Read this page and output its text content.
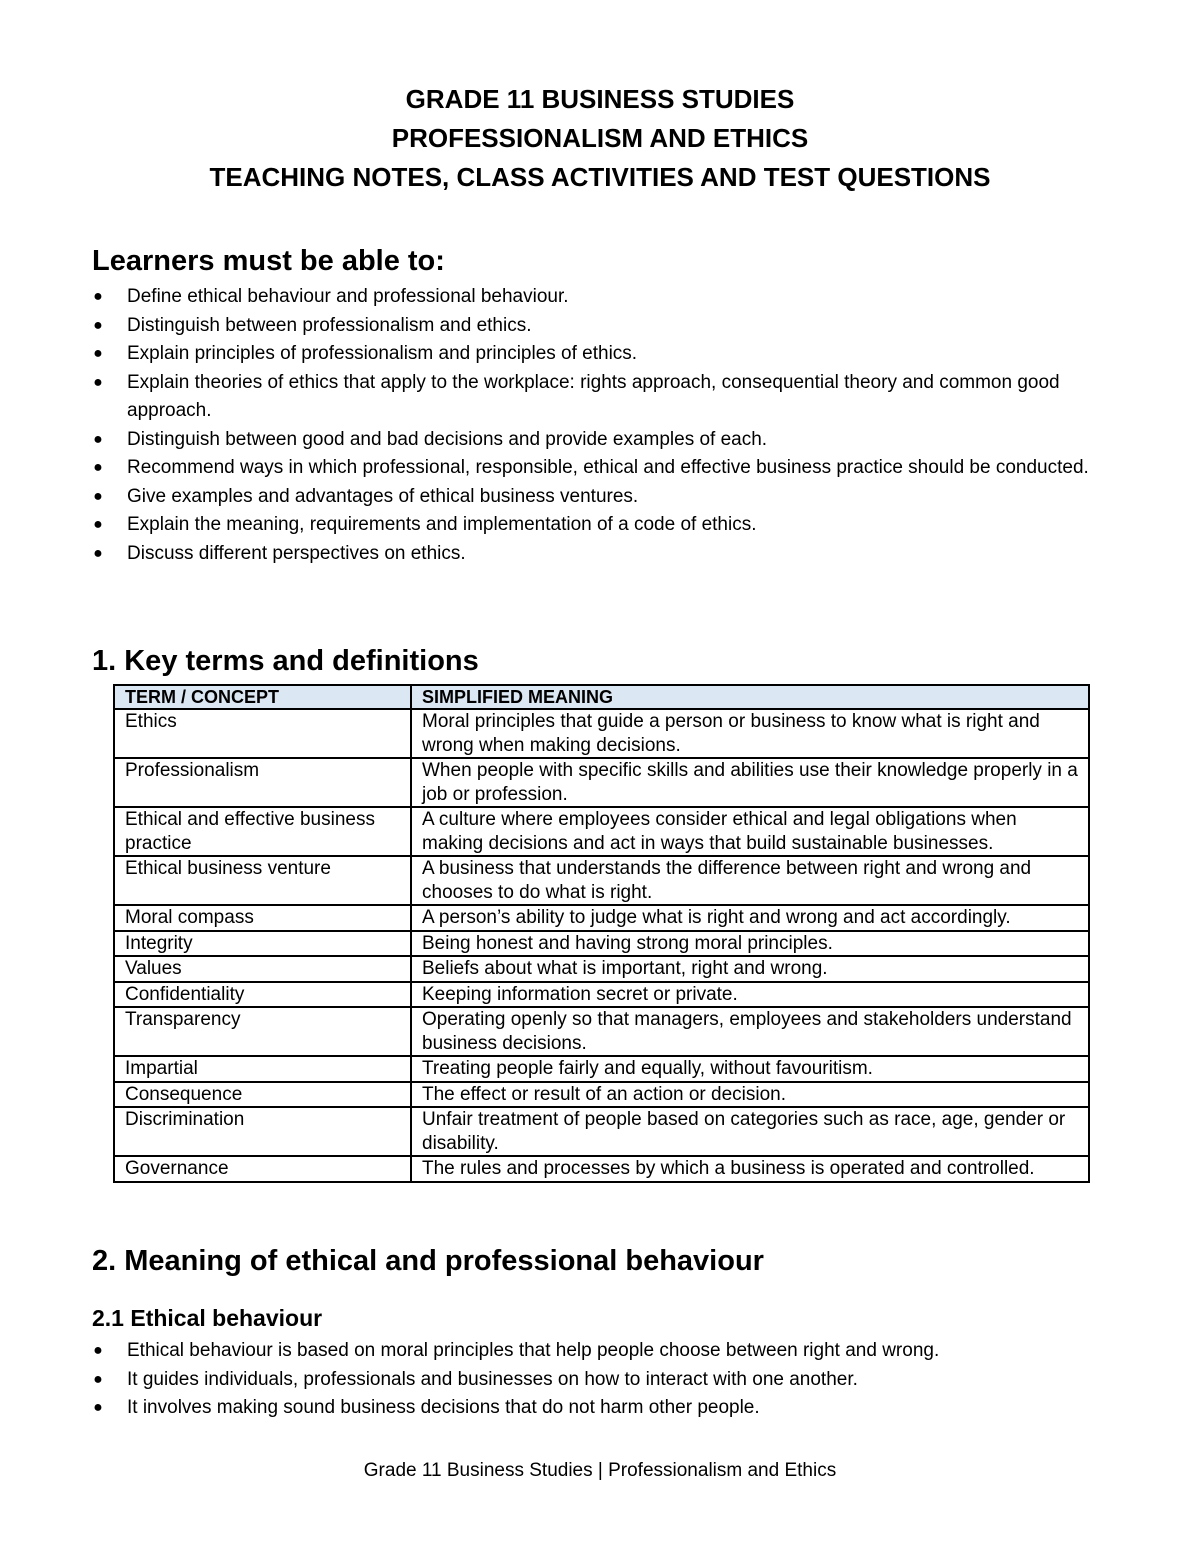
GRADE 11 BUSINESS STUDIES
PROFESSIONALISM AND ETHICS
TEACHING NOTES, CLASS ACTIVITIES AND TEST QUESTIONS
Learners must be able to:
● Define ethical behaviour and professional behaviour.
● Distinguish between professionalism and ethics.
● Explain principles of professionalism and principles of ethics.
● Explain theories of ethics that apply to the workplace: rights approach, consequential theory and common good approach.
● Distinguish between good and bad decisions and provide examples of each.
● Recommend ways in which professional, responsible, ethical and effective business practice should be conducted.
● Give examples and advantages of ethical business ventures.
● Explain the meaning, requirements and implementation of a code of ethics.
● Discuss different perspectives on ethics.
1. Key terms and definitions
TERM / CONCEPT	SIMPLIFIED MEANING
Ethics	Moral principles that guide a person or business to know what is right and wrong when making decisions.
Professionalism	When people with specific skills and abilities use their knowledge properly in a job or profession.
Ethical and effective business practice	A culture where employees consider ethical and legal obligations when making decisions and act in ways that build sustainable businesses.
Ethical business venture	A business that understands the difference between right and wrong and chooses to do what is right.
Moral compass	A person’s ability to judge what is right and wrong and act accordingly.
Integrity	Being honest and having strong moral principles.
Values	Beliefs about what is important, right and wrong.
Confidentiality	Keeping information secret or private.
Transparency	Operating openly so that managers, employees and stakeholders understand business decisions.
Impartial	Treating people fairly and equally, without favouritism.
Consequence	The effect or result of an action or decision.
Discrimination	Unfair treatment of people based on categories such as race, age, gender or disability.
Governance	The rules and processes by which a business is operated and controlled.
2. Meaning of ethical and professional behaviour
2.1 Ethical behaviour
● Ethical behaviour is based on moral principles that help people choose between right and wrong.
● It guides individuals, professionals and businesses on how to interact with one another.
● It involves making sound business decisions that do not harm other people.
Grade 11 Business Studies | Professionalism and Ethics
